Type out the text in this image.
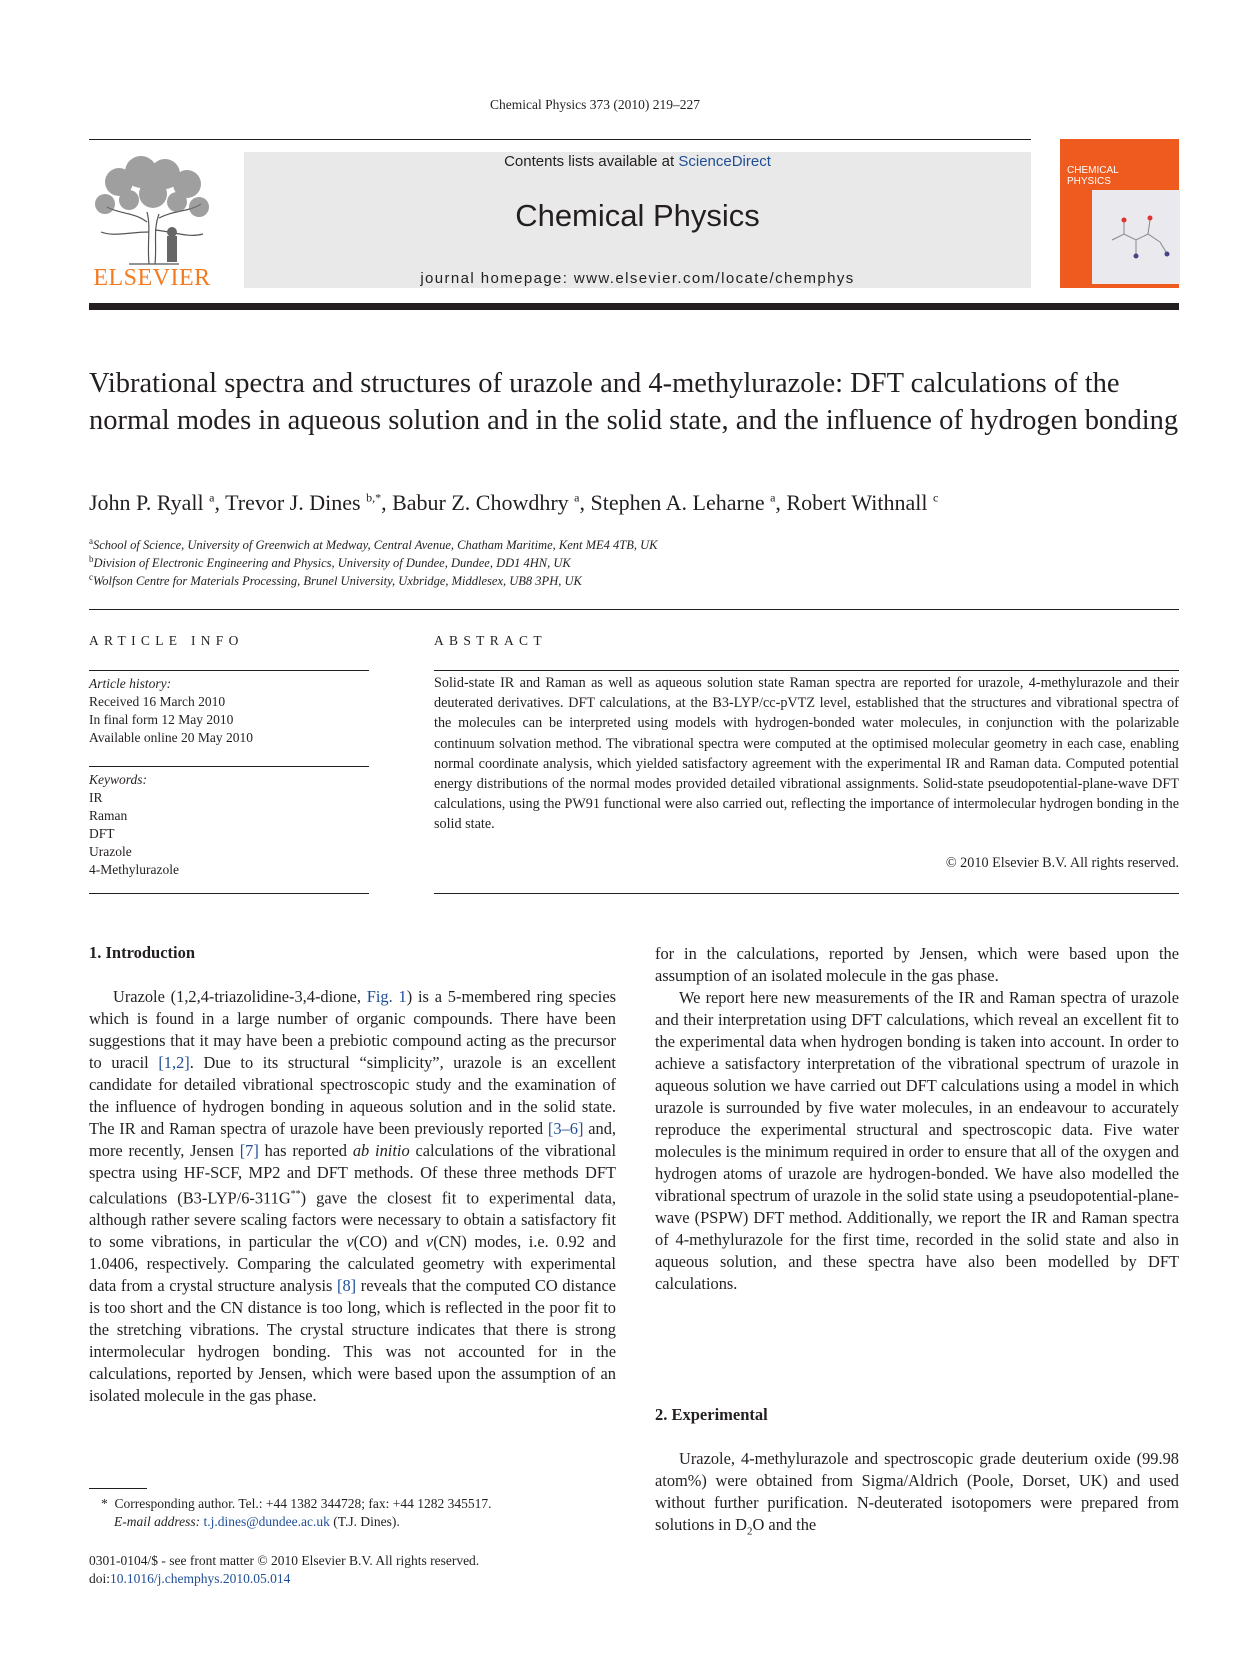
Chemical Physics 373 (2010) 219–227
ELSEVIER
Contents lists available at ScienceDirect
Chemical Physics
journal homepage: www.elsevier.com/locate/chemphys
CHEMICAL
PHYSICS
Vibrational spectra and structures of urazole and 4-methylurazole: DFT calculations of the normal modes in aqueous solution and in the solid state, and the influence of hydrogen bonding
John P. Ryall $^a$, Trevor J. Dines $^{b,*}$, Babur Z. Chowdhry $^a$, Stephen A. Leharne $^a$, Robert Withnall $^c$
$^a$School of Science, University of Greenwich at Medway, Central Avenue, Chatham Maritime, Kent ME4 4TB, UK
$^b$Division of Electronic Engineering and Physics, University of Dundee, Dundee, DD1 4HN, UK
$^c$Wolfson Centre for Materials Processing, Brunel University, Uxbridge, Middlesex, UB8 3PH, UK
ARTICLE INFO
Article history:
Received 16 March 2010
In final form 12 May 2010
Available online 20 May 2010
Keywords:
IR
Raman
DFT
Urazole
4-Methylurazole
ABSTRACT
Solid-state IR and Raman as well as aqueous solution state Raman spectra are reported for urazole, 4-methylurazole and their deuterated derivatives. DFT calculations, at the B3-LYP/cc-pVTZ level, established that the structures and vibrational spectra of the molecules can be interpreted using models with hydrogen-bonded water molecules, in conjunction with the polarizable continuum solvation method. The vibrational spectra were computed at the optimised molecular geometry in each case, enabling normal coordinate analysis, which yielded satisfactory agreement with the experimental IR and Raman data. Computed potential energy distributions of the normal modes provided detailed vibrational assignments. Solid-state pseudopotential-plane-wave DFT calculations, using the PW91 functional were also carried out, reflecting the importance of intermolecular hydrogen bonding in the solid state.
© 2010 Elsevier B.V. All rights reserved.
1. Introduction

Urazole (1,2,4-triazolidine-3,4-dione, Fig. 1) is a 5-membered ring species which is found in a large number of organic compounds. There have been suggestions that it may have been a prebiotic compound acting as the precursor to uracil [1,2]. Due to its structural “simplicity”, urazole is an excellent candidate for detailed vibrational spectroscopic study and the examination of the influence of hydrogen bonding in aqueous solution and in the solid state. The IR and Raman spectra of urazole have been previously reported [3–6] and, more recently, Jensen [7] has reported ab initio calculations of the vibrational spectra using HF-SCF, MP2 and DFT methods. Of these three methods DFT calculations (B3-LYP/6-311G**) gave the closest fit to experimental data, although rather severe scaling factors were necessary to obtain a satisfactory fit to some vibrations, in particular the ν(CO) and ν(CN) modes, i.e. 0.92 and 1.0406, respectively. Comparing the calculated geometry with experimental data from a crystal structure analysis [8] reveals that the computed CO distance is too short and the CN distance is too long, which is reflected in the poor fit to the stretching vibrations. The crystal structure indicates that there is strong intermolecular hydrogen bonding. This was not accounted for in the calculations, reported by Jensen, which were based upon the assumption of an isolated molecule in the gas phase.

We report here new measurements of the IR and Raman spectra of urazole and their interpretation using DFT calculations, which reveal an excellent fit to the experimental data when hydrogen bonding is taken into account. In order to achieve a satisfactory interpretation of the vibrational spectrum of urazole in aqueous solution we have carried out DFT calculations using a model in which urazole is surrounded by five water molecules, in an endeavour to accurately reproduce the experimental structural and spectroscopic data. Five water molecules is the minimum required in order to ensure that all of the oxygen and hydrogen atoms of urazole are hydrogen-bonded. We have also modelled the vibrational spectrum of urazole in the solid state using a pseudopotential-plane-wave (PSPW) DFT method. Additionally, we report the IR and Raman spectra of 4-methylurazole for the first time, recorded in the solid state and also in aqueous solution, and these spectra have also been modelled by DFT calculations.

for in the calculations, reported by Jensen, which were based upon the assumption of an isolated molecule in the gas phase.

2. Experimental

Urazole, 4-methylurazole and spectroscopic grade deuterium oxide (99.98 atom%) were obtained from Sigma/Aldrich (Poole, Dorset, UK) and used without further purification. N-deuterated isotopomers were prepared from solutions in $D_2O$ and the

* Corresponding author. Tel.: +44 1382 344728; fax: +44 1282 345517.
E-mail address: t.j.dines@dundee.ac.uk (T.J. Dines).
0301-0104/$ - see front matter © 2010 Elsevier B.V. All rights reserved.
doi:10.1016/j.chemphys.2010.05.014
